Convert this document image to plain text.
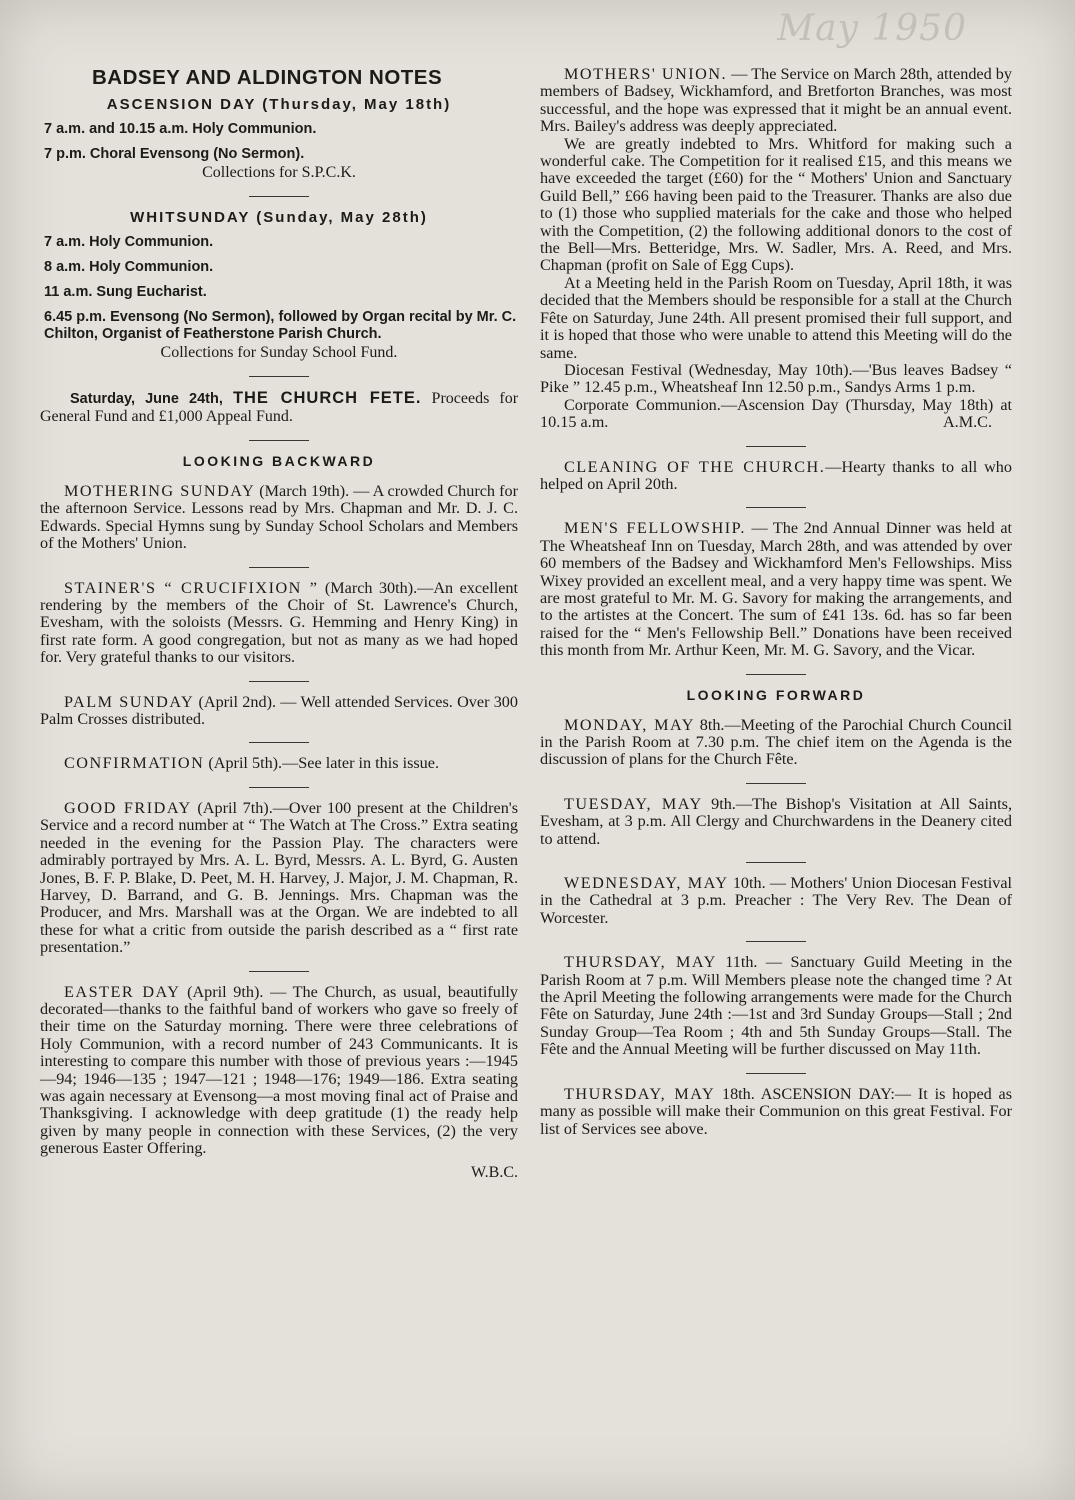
May 1950
BADSEY AND ALDINGTON NOTES
ASCENSION DAY (Thursday, May 18th)
7 a.m. and 10.15 a.m. Holy Communion.
7 p.m. Choral Evensong (No Sermon).
Collections for S.P.C.K.
WHITSUNDAY (Sunday, May 28th)
7 a.m. Holy Communion.
8 a.m. Holy Communion.
11 a.m. Sung Eucharist.
6.45 p.m. Evensong (No Sermon), followed by Organ recital by Mr. C. Chilton, Organist of Featherstone Parish Church.
Collections for Sunday School Fund.
Saturday, June 24th, THE CHURCH FETE. Proceeds for General Fund and £1,000 Appeal Fund.
LOOKING BACKWARD

MOTHERING SUNDAY (March 19th). — A crowded Church for the afternoon Service. Lessons read by Mrs. Chapman and Mr. D. J. C. Edwards. Special Hymns sung by Sunday School Scholars and Members of the Mothers' Union.

STAINER'S “ CRUCIFIXION ” (March 30th).—An excellent rendering by the members of the Choir of St. Lawrence's Church, Evesham, with the soloists (Messrs. G. Hemming and Henry King) in first rate form. A good congregation, but not as many as we had hoped for. Very grateful thanks to our visitors.

PALM SUNDAY (April 2nd). — Well attended Services. Over 300 Palm Crosses distributed.

CONFIRMATION (April 5th).—See later in this issue.

GOOD FRIDAY (April 7th).—Over 100 present at the Children's Service and a record number at “ The Watch at The Cross.” Extra seating needed in the evening for the Passion Play. The characters were admirably portrayed by Mrs. A. L. Byrd, Messrs. A. L. Byrd, G. Austen Jones, B. F. P. Blake, D. Peet, M. H. Harvey, J. Major, J. M. Chapman, R. Harvey, D. Barrand, and G. B. Jennings. Mrs. Chapman was the Producer, and Mrs. Marshall was at the Organ. We are indebted to all these for what a critic from outside the parish described as a “ first rate presentation.”

EASTER DAY (April 9th). — The Church, as usual, beautifully decorated—thanks to the faithful band of workers who gave so freely of their time on the Saturday morning. There were three celebrations of Holy Communion, with a record number of 243 Communicants. It is interesting to compare this number with those of previous years :—1945—94; 1946—135 ; 1947—121 ; 1948—176; 1949—186. Extra seating was again necessary at Evensong—a most moving final act of Praise and Thanksgiving. I acknowledge with deep gratitude (1) the ready help given by many people in connection with these Services, (2) the very generous Easter Offering.

W.B.C.

MOTHERS' UNION. — The Service on March 28th, attended by members of Badsey, Wickhamford, and Bretforton Branches, was most successful, and the hope was expressed that it might be an annual event. Mrs. Bailey's address was deeply appreciated.

We are greatly indebted to Mrs. Whitford for making such a wonderful cake. The Competition for it realised £15, and this means we have exceeded the target (£60) for the “ Mothers' Union and Sanctuary Guild Bell,” £66 having been paid to the Treasurer. Thanks are also due to (1) those who supplied materials for the cake and those who helped with the Competition, (2) the following additional donors to the cost of the Bell—Mrs. Betteridge, Mrs. W. Sadler, Mrs. A. Reed, and Mrs. Chapman (profit on Sale of Egg Cups).

At a Meeting held in the Parish Room on Tuesday, April 18th, it was decided that the Members should be responsible for a stall at the Church Fête on Saturday, June 24th. All present promised their full support, and it is hoped that those who were unable to attend this Meeting will do the same.

Diocesan Festival (Wednesday, May 10th).—'Bus leaves Badsey “ Pike ” 12.45 p.m., Wheatsheaf Inn 12.50 p.m., Sandys Arms 1 p.m.

Corporate Communion.—Ascension Day (Thursday, May 18th) at 10.15 a.m.	A.M.C.

CLEANING OF THE CHURCH.—Hearty thanks to all who helped on April 20th.

MEN'S FELLOWSHIP. — The 2nd Annual Dinner was held at The Wheatsheaf Inn on Tuesday, March 28th, and was attended by over 60 members of the Badsey and Wickhamford Men's Fellowships. Miss Wixey provided an excellent meal, and a very happy time was spent. We are most grateful to Mr. M. G. Savory for making the arrangements, and to the artistes at the Concert. The sum of £41 13s. 6d. has so far been raised for the “ Men's Fellowship Bell.” Donations have been received this month from Mr. Arthur Keen, Mr. M. G. Savory, and the Vicar.

LOOKING FORWARD

MONDAY, MAY 8th.—Meeting of the Parochial Church Council in the Parish Room at 7.30 p.m. The chief item on the Agenda is the discussion of plans for the Church Fête.

TUESDAY, MAY 9th.—The Bishop's Visitation at All Saints, Evesham, at 3 p.m. All Clergy and Churchwardens in the Deanery cited to attend.

WEDNESDAY, MAY 10th. — Mothers' Union Diocesan Festival in the Cathedral at 3 p.m. Preacher : The Very Rev. The Dean of Worcester.

THURSDAY, MAY 11th. — Sanctuary Guild Meeting in the Parish Room at 7 p.m. Will Members please note the changed time ? At the April Meeting the following arrangements were made for the Church Fête on Saturday, June 24th :—1st and 3rd Sunday Groups—Stall ; 2nd Sunday Group—Tea Room ; 4th and 5th Sunday Groups—Stall. The Fête and the Annual Meeting will be further discussed on May 11th.

THURSDAY, MAY 18th. ASCENSION DAY:— It is hoped as many as possible will make their Communion on this great Festival. For list of Services see above.
